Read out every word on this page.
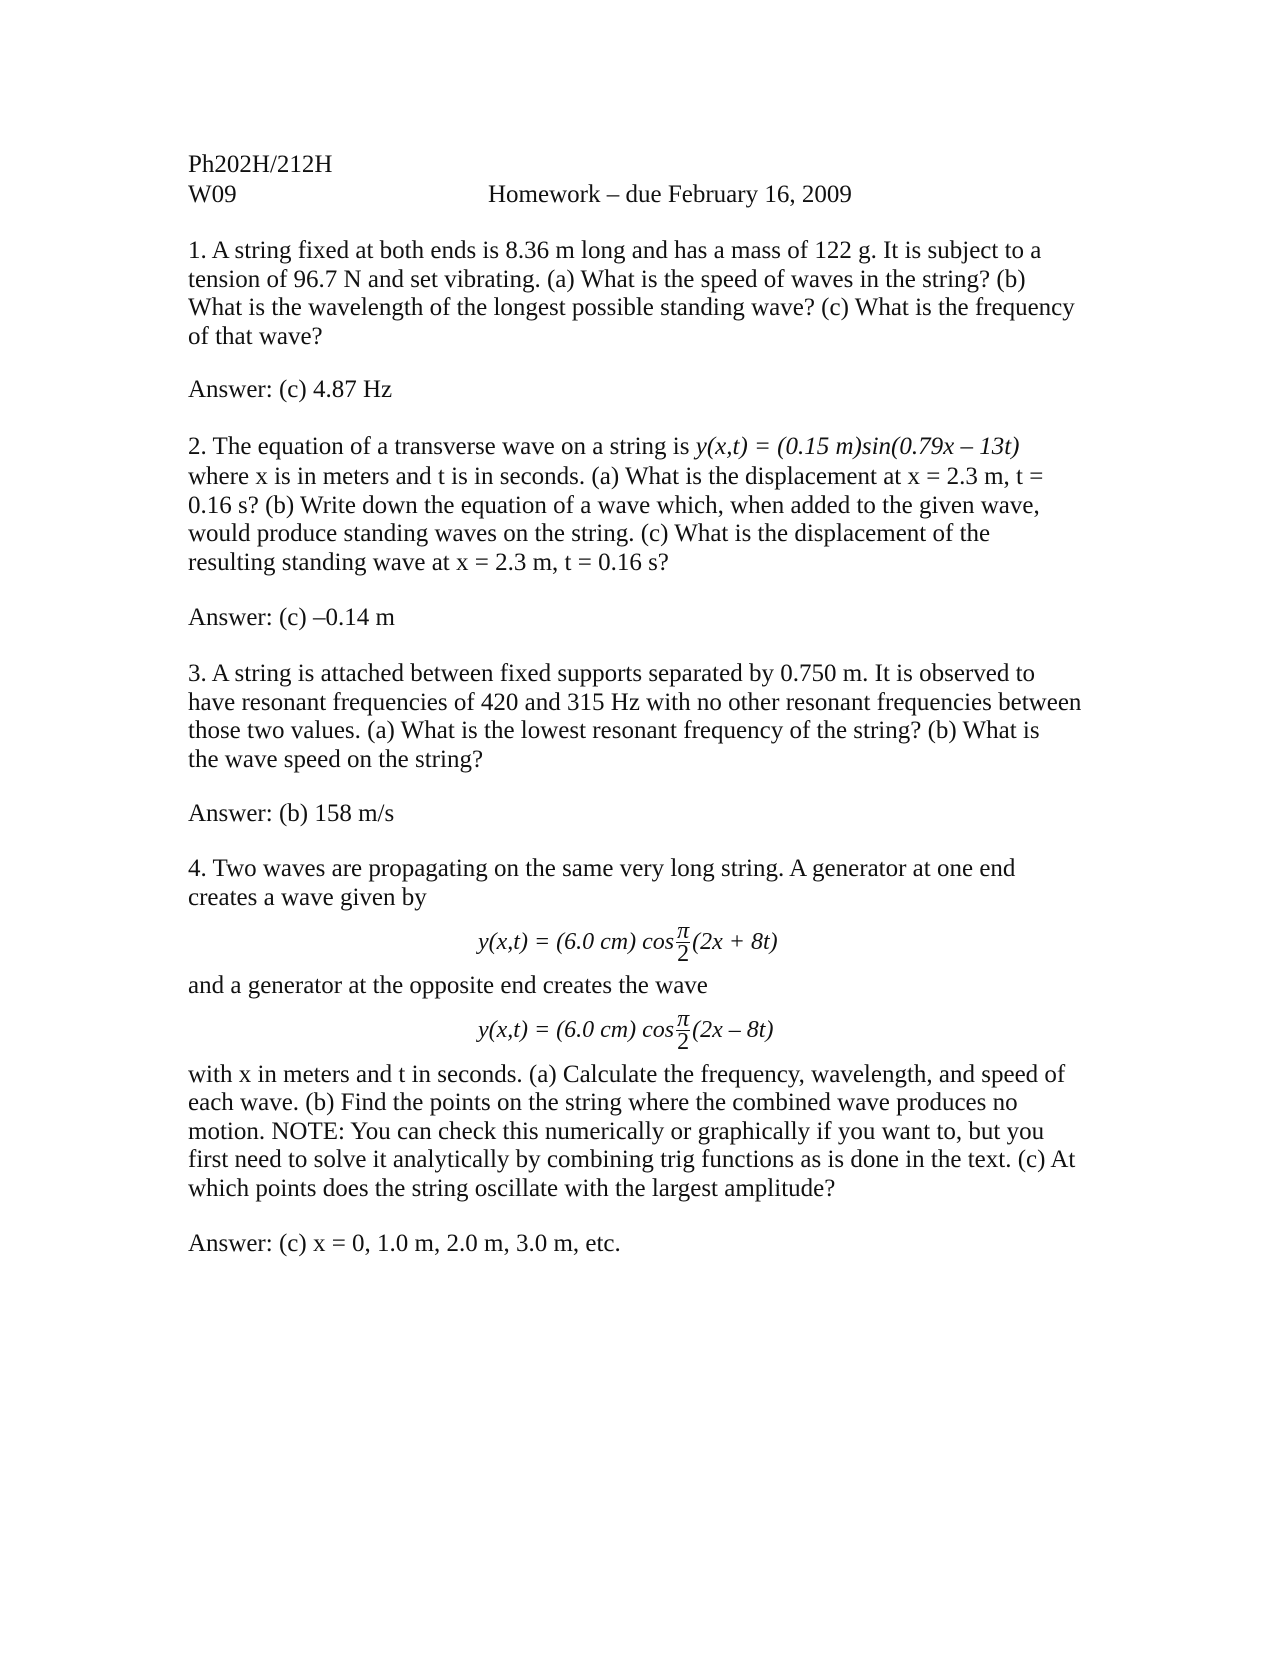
Ph202H/212H
W09	Homework – due February 16, 2009

1. A string fixed at both ends is 8.36 m long and has a mass of 122 g. It is subject to a

tension of 96.7 N and set vibrating. (a) What is the speed of waves in the string? (b)

What is the wavelength of the longest possible standing wave? (c) What is the frequency

of that wave?

Answer: (c) 4.87 Hz

2. The equation of a transverse wave on a string is y(x,t) = (0.15 m)sin(0.79x – 13t)

where x is in meters and t is in seconds. (a) What is the displacement at x = 2.3 m, t =

0.16 s? (b) Write down the equation of a wave which, when added to the given wave,

would produce standing waves on the string. (c) What is the displacement of the

resulting standing wave at x = 2.3 m, t = 0.16 s?

Answer: (c) –0.14 m

3. A string is attached between fixed supports separated by 0.750 m. It is observed to

have resonant frequencies of 420 and 315 Hz with no other resonant frequencies between

those two values. (a) What is the lowest resonant frequency of the string? (b) What is

the wave speed on the string?

Answer: (b) 158 m/s

4. Two waves are propagating on the same very long string. A generator at one end

creates a wave given by

y(x,t) = (6.0 cm) $\cos \frac{\pi}{2} (2x + 8t)$

and a generator at the opposite end creates the wave

y(x,t) = (6.0 cm) $\cos \frac{\pi}{2} (2x - 8t)$

with x in meters and t in seconds. (a) Calculate the frequency, wavelength, and speed of

each wave. (b) Find the points on the string where the combined wave produces no

motion. NOTE: You can check this numerically or graphically if you want to, but you

first need to solve it analytically by combining trig functions as is done in the text. (c) At

which points does the string oscillate with the largest amplitude?

Answer: (c) x = 0, 1.0 m, 2.0 m, 3.0 m, etc.
